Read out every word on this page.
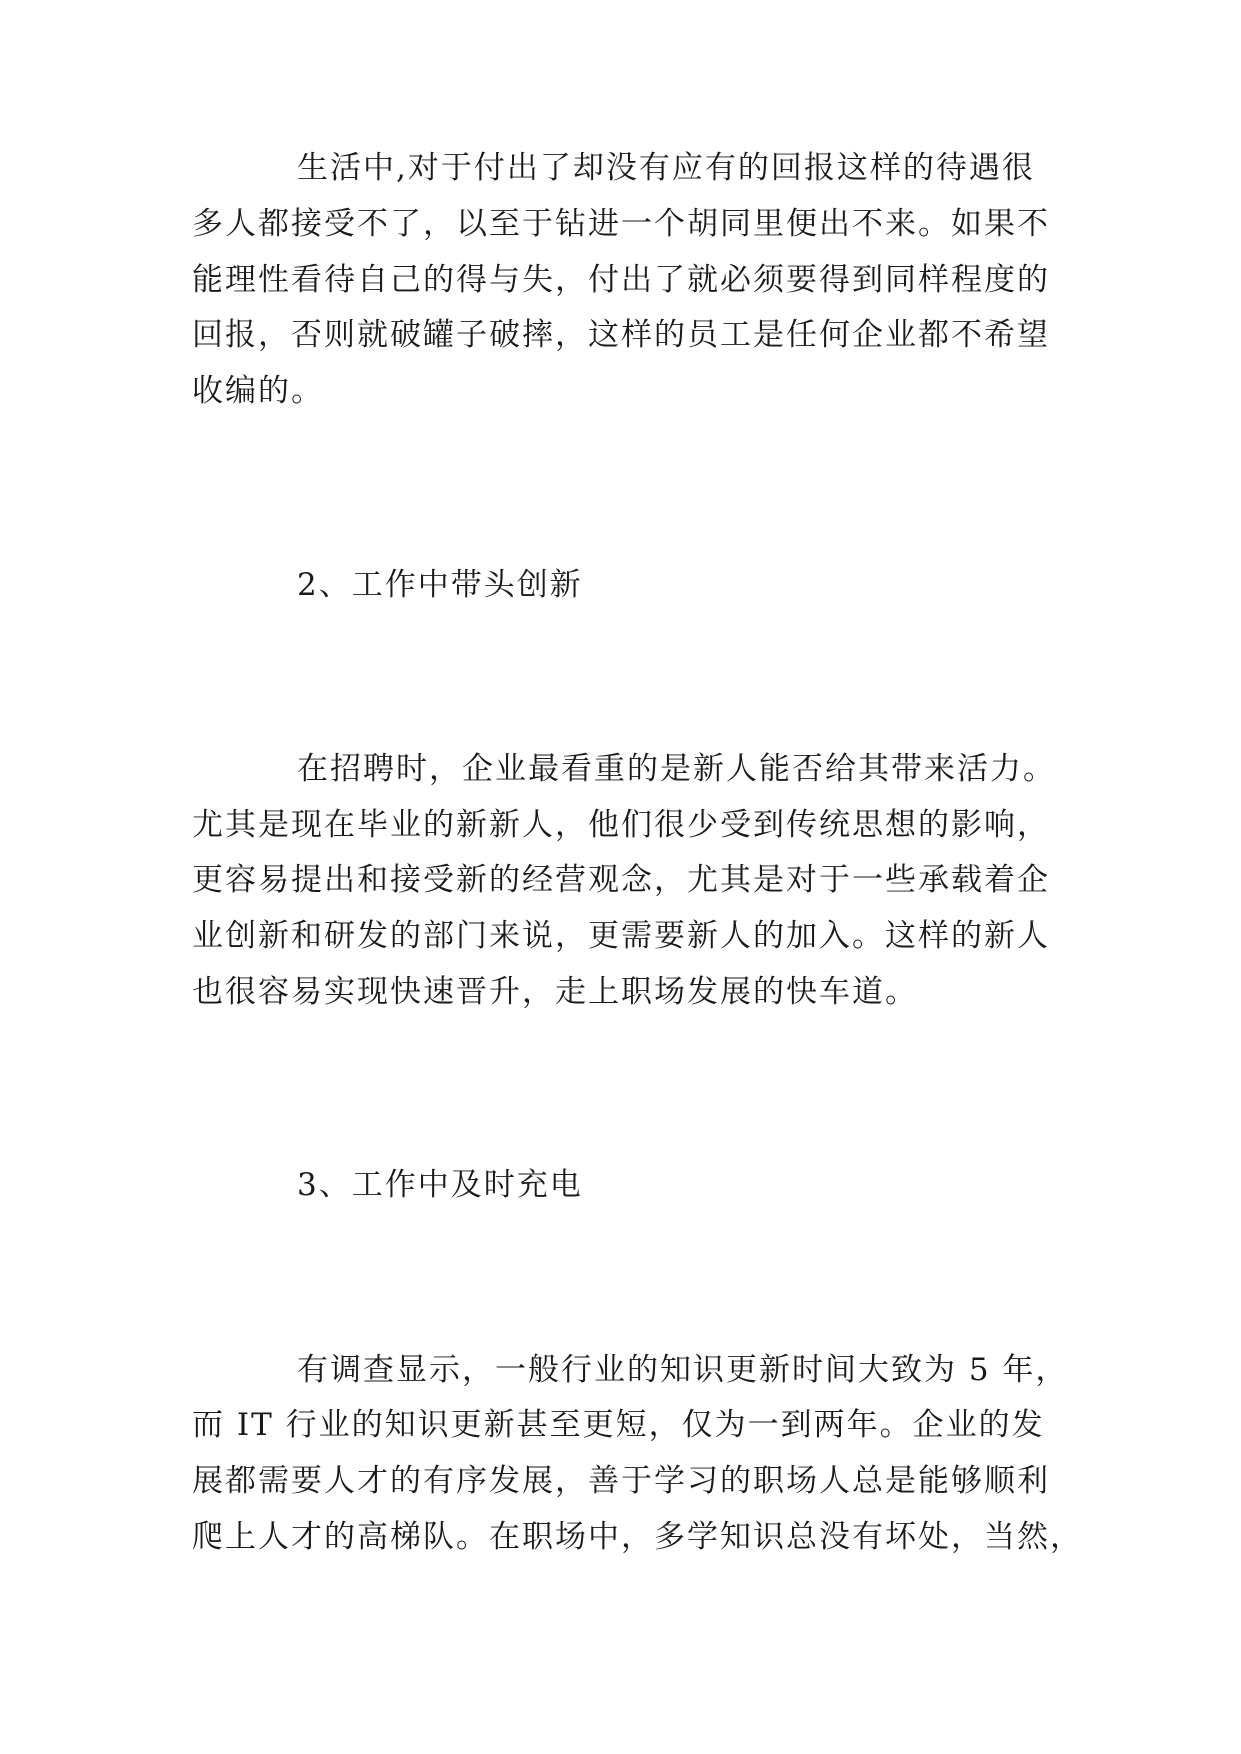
生活中,对于付出了却没有应有的回报这样的待遇很
多人都接受不了，以至于钻进一个胡同里便出不来。如果不
能理性看待自己的得与失，付出了就必须要得到同样程度的
回报，否则就破罐子破摔，这样的员工是任何企业都不希望
收编的。
2、工作中带头创新
在招聘时，企业最看重的是新人能否给其带来活力。
尤其是现在毕业的新新人，他们很少受到传统思想的影响，
更容易提出和接受新的经营观念，尤其是对于一些承载着企
业创新和研发的部门来说，更需要新人的加入。这样的新人
也很容易实现快速晋升，走上职场发展的快车道。
3、工作中及时充电
有调查显示，一般行业的知识更新时间大致为 5 年，
而 IT 行业的知识更新甚至更短，仅为一到两年。企业的发
展都需要人才的有序发展，善于学习的职场人总是能够顺利
爬上人才的高梯队。在职场中，多学知识总没有坏处，当然，
